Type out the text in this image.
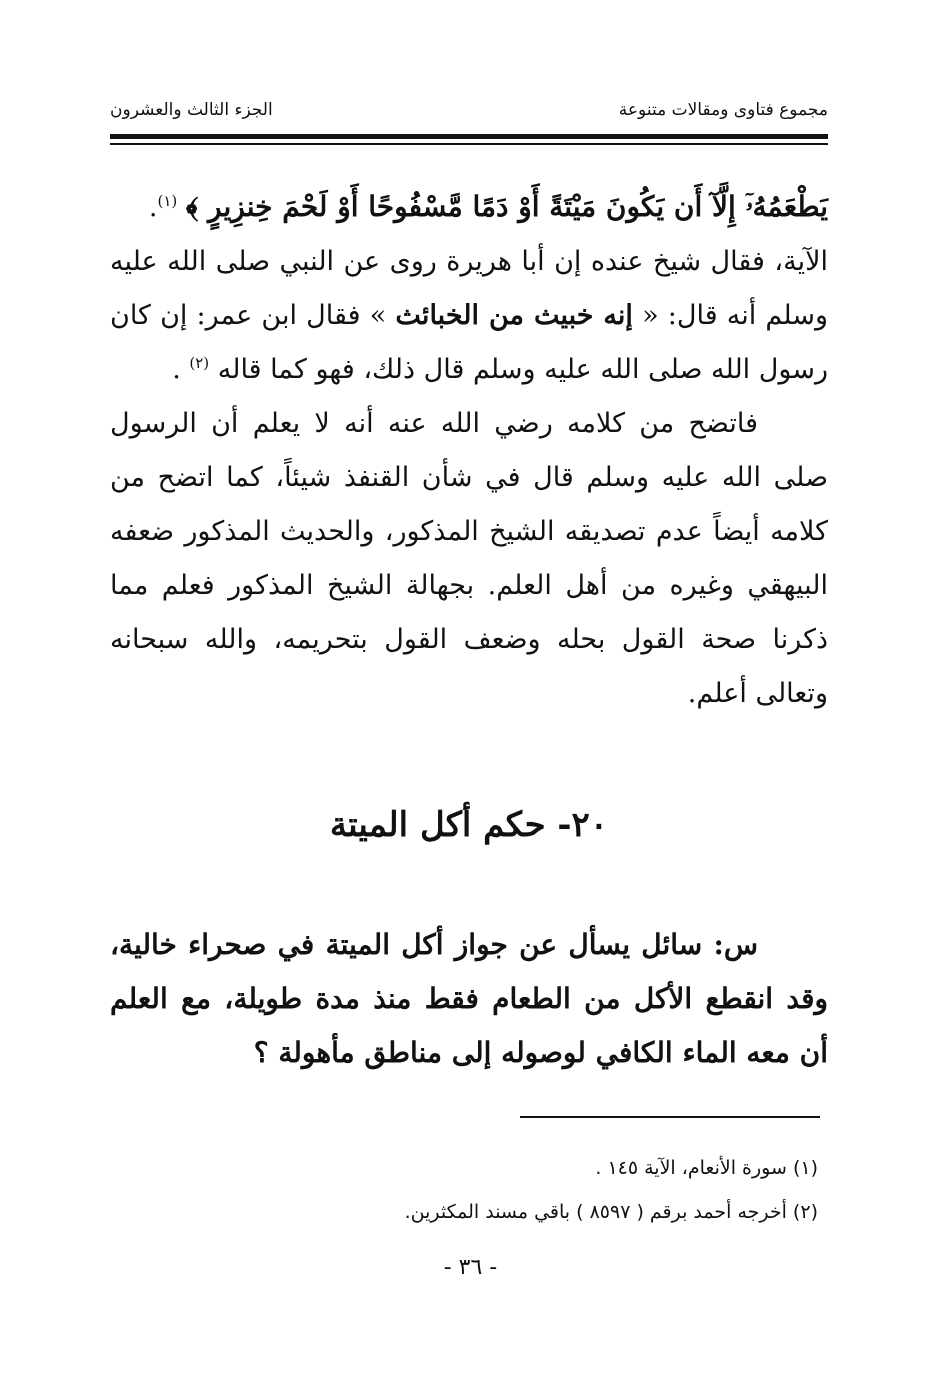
مجموع فتاوى ومقالات متنوعة
الجزء الثالث والعشرون

يَطْعَمُهُۥٓ إِلَّآ أَن يَكُونَ مَيْتَةً أَوْ دَمًا مَّسْفُوحًا أَوْ لَحْمَ خِنزِيرٍ ﴾ $^{(١)}$.

الآية، فقال شيخ عنده إن أبا هريرة روى عن النبي صلى الله عليه وسلم أنه قال: « إنه خبيث من الخبائث » فقال ابن عمر: إن كان رسول الله صلى الله عليه وسلم قال ذلك، فهو كما قاله $^{(٢)}$ .

فاتضح من كلامه رضي الله عنه أنه لا يعلم أن الرسول صلى الله عليه وسلم قال في شأن القنفذ شيئاً، كما اتضح من كلامه أيضاً عدم تصديقه الشيخ المذكور، والحديث المذكور ضعفه البيهقي وغيره من أهل العلم. بجهالة الشيخ المذكور فعلم مما ذكرنا صحة القول بحله وضعف القول بتحريمه، والله سبحانه وتعالى أعلم.

٢٠- حكم أكل الميتة
س: سائل يسأل عن جواز أكل الميتة في صحراء خالية، وقد انقطع الأكل من الطعام فقط منذ مدة طويلة، مع العلم أن معه الماء الكافي لوصوله إلى مناطق مأهولة ؟

(١) سورة الأنعام، الآية ١٤٥ .

(٢) أخرجه أحمد برقم ( ٨٥٩٧ ) باقي مسند المكثرين.

- ٣٦ -
